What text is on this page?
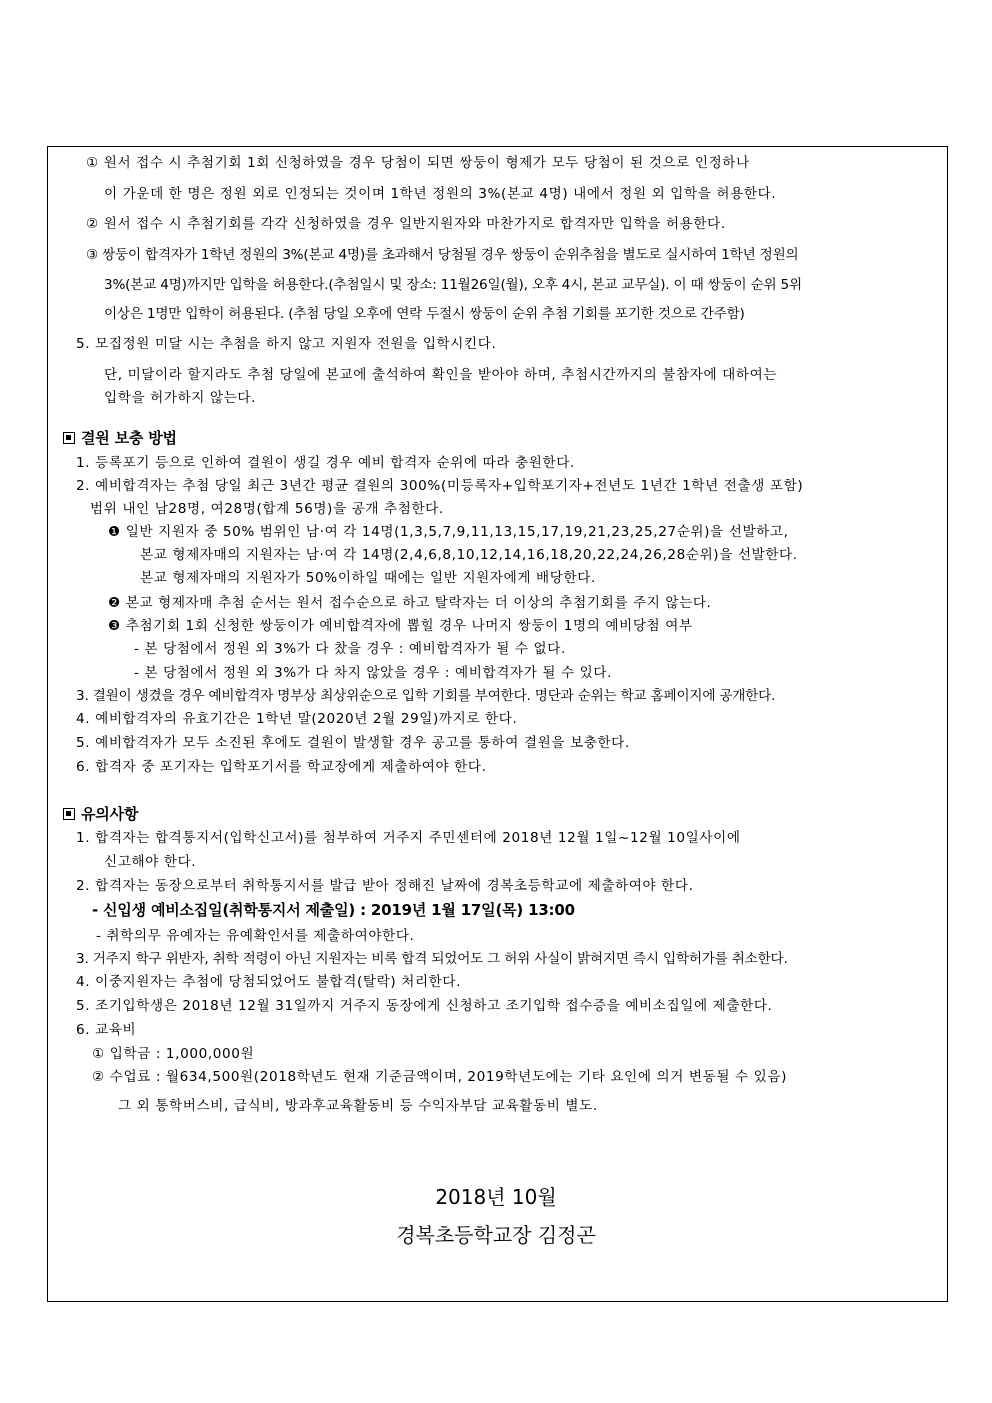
① 원서 접수 시 추첨기회 1회 신청하였을 경우 당첨이 되면 쌍둥이 형제가 모두 당첨이 된 것으로 인정하나
이 가운데 한 명은 정원 외로 인정되는 것이며 1학년 정원의 3%(본교 4명) 내에서 정원 외 입학을 허용한다.
② 원서 접수 시 추첨기회를 각각 신청하였을 경우 일반지원자와 마찬가지로 합격자만 입학을 허용한다.
③ 쌍둥이 합격자가 1학년 정원의 3%(본교 4명)를 초과해서 당첨될 경우 쌍둥이 순위추첨을 별도로 실시하여 1학년 정원의
3%(본교 4명)까지만 입학을 허용한다.(추첨일시 및 장소: 11월26일(월), 오후 4시, 본교 교무실). 이 때 쌍둥이 순위 5위
이상은 1명만 입학이 허용된다. (추첨 당일 오후에 연락 두절시 쌍둥이 순위 추첨 기회를 포기한 것으로 간주함)
5. 모집정원 미달 시는 추첨을 하지 않고 지원자 전원을 입학시킨다.
단, 미달이라 할지라도 추첨 당일에 본교에 출석하여 확인을 받아야 하며, 추첨시간까지의 불참자에 대하여는
입학을 허가하지 않는다.
결원 보충 방법
1. 등록포기 등으로 인하여 결원이 생길 경우 예비 합격자 순위에 따라 충원한다.
2. 예비합격자는 추첨 당일 최근 3년간 평균 결원의 300%(미등록자+입학포기자+전년도 1년간 1학년 전출생 포함)
범위 내인 남28명, 여28명(합계 56명)을 공개 추첨한다.
❶ 일반 지원자 중 50% 범위인 남·여 각 14명(1,3,5,7,9,11,13,15,17,19,21,23,25,27순위)을 선발하고,
본교 형제자매의 지원자는 남·여 각 14명(2,4,6,8,10,12,14,16,18,20,22,24,26,28순위)을 선발한다.
본교 형제자매의 지원자가 50%이하일 때에는 일반 지원자에게 배당한다.
❷ 본교 형제자매 추첨 순서는 원서 접수순으로 하고 탈락자는 더 이상의 추첨기회를 주지 않는다.
❸ 추첨기회 1회 신청한 쌍둥이가 예비합격자에 뽑힐 경우 나머지 쌍둥이 1명의 예비당첨 여부
- 본 당첨에서 정원 외 3%가 다 찼을 경우 : 예비합격자가 될 수 없다.
- 본 당첨에서 정원 외 3%가 다 차지 않았을 경우 : 예비합격자가 될 수 있다.
3. 결원이 생겼을 경우 예비합격자 명부상 최상위순으로 입학 기회를 부여한다. 명단과 순위는 학교 홈페이지에 공개한다.
4. 예비합격자의 유효기간은 1학년 말(2020년 2월 29일)까지로 한다.
5. 예비합격자가 모두 소진된 후에도 결원이 발생할 경우 공고를 통하여 결원을 보충한다.
6. 합격자 중 포기자는 입학포기서를 학교장에게 제출하여야 한다.
유의사항
1. 합격자는 합격통지서(입학신고서)를 첨부하여 거주지 주민센터에 2018년 12월 1일~12월 10일사이에
신고해야 한다.
2. 합격자는 동장으로부터 취학통지서를 발급 받아 정해진 날짜에 경복초등학교에 제출하여야 한다.
- 신입생 예비소집일(취학통지서 제출일) : 2019년 1월 17일(목) 13:00
- 취학의무 유예자는 유예확인서를 제출하여야한다.
3. 거주지 학구 위반자, 취학 적령이 아닌 지원자는 비록 합격 되었어도 그 허위 사실이 밝혀지면 즉시 입학허가를 취소한다.
4. 이중지원자는 추첨에 당첨되었어도 불합격(탈락) 처리한다.
5. 조기입학생은 2018년 12월 31일까지 거주지 동장에게 신청하고 조기입학 접수증을 예비소집일에 제출한다.
6. 교육비
① 입학금 : 1,000,000원
② 수업료 : 월634,500원(2018학년도 현재 기준금액이며, 2019학년도에는 기타 요인에 의거 변동될 수 있음)
그 외 통학버스비, 급식비, 방과후교육활동비 등 수익자부담 교육활동비 별도.
2018년 10월
경복초등학교장 김정곤
